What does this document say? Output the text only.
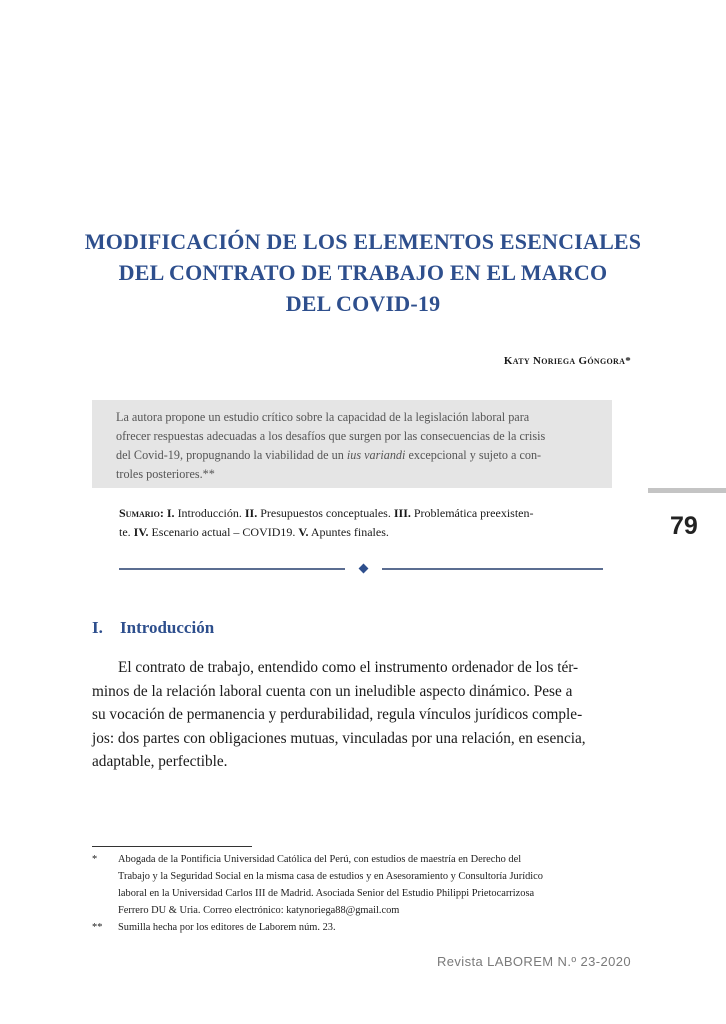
MODIFICACIÓN DE LOS ELEMENTOS ESENCIALES
DEL CONTRATO DE TRABAJO EN EL MARCO
DEL COVID-19
Katy Noriega Góngora*

La autora propone un estudio crítico sobre la capacidad de la legislación laboral para
ofrecer respuestas adecuadas a los desafíos que surgen por las consecuencias de la crisis
del Covid-19, propugnando la viabilidad de un ius variandi excepcional y sujeto a con-
troles posteriores.**

79
Sumario: I. Introducción. II. Presupuestos conceptuales. III. Problemática preexisten-
te. IV. Escenario actual – COVID19. V. Apuntes finales.
I. Introducción
El contrato de trabajo, entendido como el instrumento ordenador de los tér-
minos de la relación laboral cuenta con un ineludible aspecto dinámico. Pese a
su vocación de permanencia y perdurabilidad, regula vínculos jurídicos comple-
jos: dos partes con obligaciones mutuas, vinculadas por una relación, en esencia,
adaptable, perfectible.
* Abogada de la Pontificia Universidad Católica del Perú, con estudios de maestría en Derecho del
Trabajo y la Seguridad Social en la misma casa de estudios y en Asesoramiento y Consultoría Jurídico
laboral en la Universidad Carlos III de Madrid. Asociada Senior del Estudio Philippi Prietocarrizosa
Ferrero DU & Uria. Correo electrónico: katynoriega88@gmail.com
** Sumilla hecha por los editores de Laborem núm. 23.
Revista LABOREM N.º 23-2020
